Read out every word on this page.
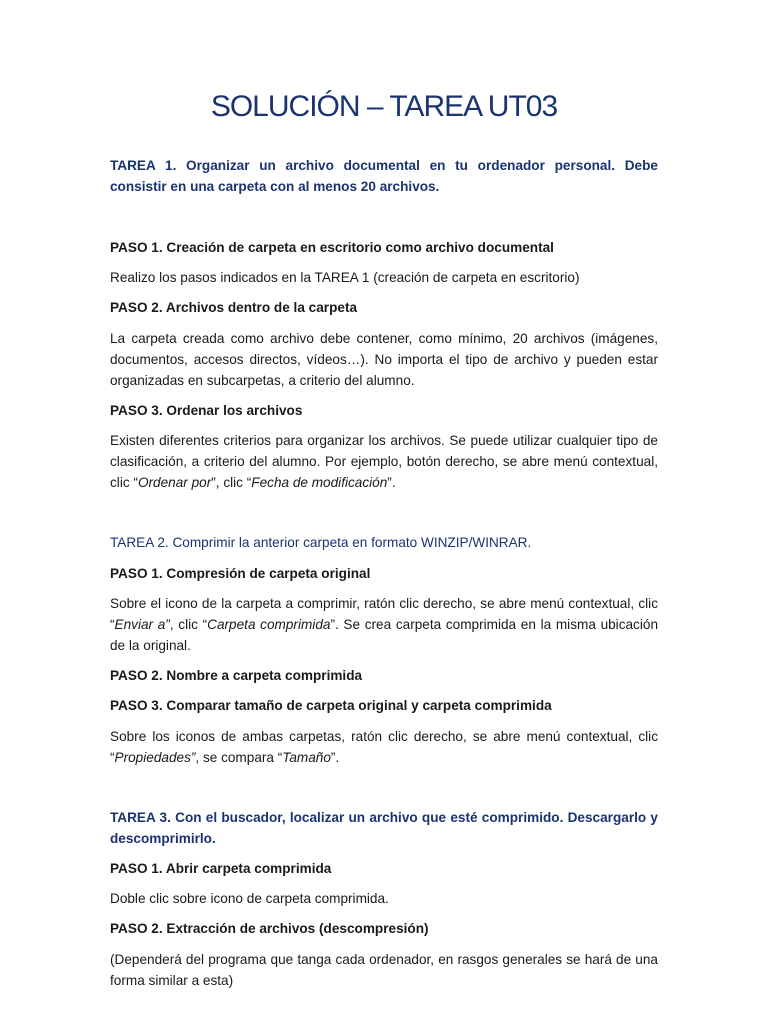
SOLUCIÓN – TAREA UT03

TAREA 1. Organizar un archivo documental en tu ordenador personal. Debe consistir en una carpeta con al menos 20 archivos.

PASO 1. Creación de carpeta en escritorio como archivo documental

Realizo los pasos indicados en la TAREA 1 (creación de carpeta en escritorio)

PASO 2. Archivos dentro de la carpeta

La carpeta creada como archivo debe contener, como mínimo, 20 archivos (imágenes, documentos, accesos directos, vídeos…). No importa el tipo de archivo y pueden estar organizadas en subcarpetas, a criterio del alumno.

PASO 3. Ordenar los archivos

Existen diferentes criterios para organizar los archivos. Se puede utilizar cualquier tipo de clasificación, a criterio del alumno. Por ejemplo, botón derecho, se abre menú contextual, clic “Ordenar por”, clic “Fecha de modificación”.

TAREA 2. Comprimir la anterior carpeta en formato WINZIP/WINRAR.

PASO 1. Compresión de carpeta original

Sobre el icono de la carpeta a comprimir, ratón clic derecho, se abre menú contextual, clic “Enviar a”, clic “Carpeta comprimida”. Se crea carpeta comprimida en la misma ubicación de la original.

PASO 2. Nombre a carpeta comprimida

PASO 3. Comparar tamaño de carpeta original y carpeta comprimida

Sobre los iconos de ambas carpetas, ratón clic derecho, se abre menú contextual, clic “Propiedades”, se compara “Tamaño”.

TAREA 3. Con el buscador, localizar un archivo que esté comprimido. Descargarlo y descomprimirlo.

PASO 1. Abrir carpeta comprimida

Doble clic sobre icono de carpeta comprimida.

PASO 2. Extracción de archivos (descompresión)

(Dependerá del programa que tanga cada ordenador, en rasgos generales se hará de una forma similar a esta)
